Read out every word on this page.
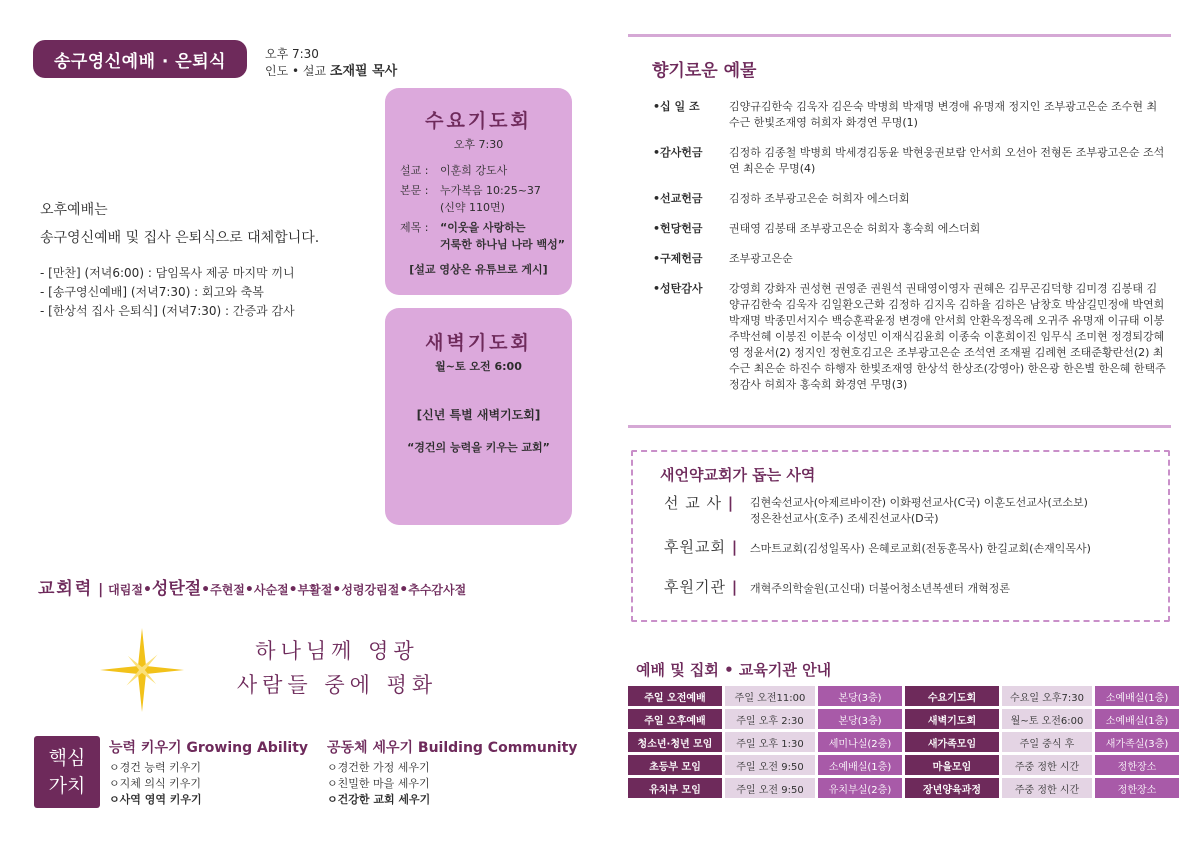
송구영신예배 · 은퇴식	오후 7:30
인도 • 설교 조재필 목사
오후예배는
송구영신예배 및 집사 은퇴식으로 대체합니다.
- [만찬] (저녁6:00) : 담임목사 제공 마지막 끼니
- [송구영신예배] (저녁7:30) : 회고와 축복
- [한상석 집사 은퇴식] (저녁7:30) : 간증과 감사
수요기도회
오후 7:30
설교 :	이훈희 강도사
본문 :	누가복음 10:25~37
(신약 110면)
제목 :	“이웃을 사랑하는
거룩한 하나님 나라 백성”
[설교 영상은 유튜브로 게시]
새벽기도회
월~토 오전 6:00
[신년 특별 새벽기도회]
“경건의 능력을 키우는 교회”
교회력 | 대림절•성탄절•주현절•사순절•부활절•성령강림절•추수감사절
하나님께 영광
사람들 중에 평화
핵심
가치
능력 키우기 Growing Ability
ㅇ경건 능력 키우기
ㅇ지체 의식 키우기
ㅇ사역 영역 키우기
공동체 세우기 Building Community
ㅇ경건한 가정 세우기
ㅇ친밀한 마을 세우기
ㅇ건강한 교회 세우기
향기로운 예물
•십 일 조	김양규김한숙 김욱자 김은숙 박병희 박재명 변경애 유명재 정지인 조부광고은순 조수현 최수근 한빛조재영 허희자 화경연 무명(1)
•감사헌금	김정하 김종철 박병희 박세경김동윤 박현웅권보람 안서희 오선아 전형돈 조부광고은순 조석연 최은순 무명(4)
•선교헌금	김정하 조부광고은순 허희자 에스더회
•헌당헌금	권태영 김봉태 조부광고은순 허희자 홍숙희 에스더회
•구제헌금	조부광고은순
•성탄감사	강영희 강화자 권성현 권영준 권원석 권태영이영자 권혜은 김무곤김덕향 김미경 김봉태 김양규김한숙 김욱자 김일환오근화 김정하 김지옥 김하율 김하은 남창호 박삼길민정애 박연희 박재명 박종민서지수 백승훈곽윤정 변경애 안서희 안환옥정옥례 오귀주 유명재 이규태 이봉주박선혜 이봉진 이분숙 이성민 이재식김윤희 이종숙 이훈희이진 임무식 조미현 정경퇴강혜영 정윤서(2) 정지인 정현호김고은 조부광고은순 조석연 조재필 김례현 조태준황란선(2) 최수근 최은순 하진수 하행자 한빛조재영 한상석 한상조(강영아) 한은광 한은별 한은혜 한택주정감사 허희자 홍숙희 화경연 무명(3)
새언약교회가 돕는 사역
선 교 사 |	김현숙선교사(아제르바이잔) 이화평선교사(C국) 이훈도선교사(코소보)
정은찬선교사(호주) 조세진선교사(D국)
후원교회 |	스마트교회(김성일목사) 은혜로교회(전동훈목사) 한길교회(손재익목사)
후원기관 |	개혁주의학술원(고신대) 더불어청소년복센터 개혁정론
예배 및 집회 • 교육기관 안내
주일 오전예배	주일 오전11:00	본당(3층)	수요기도회	수요일 오후7:30	소예배실(1층)
주일 오후예배	주일 오후 2:30	본당(3층)	새벽기도회	월~토 오전6:00	소예배실(1층)
청소년·청년 모임	주일 오후 1:30	세미나실(2층)	새가족모임	주일 중식 후	새가족실(3층)
초등부 모임	주일 오전 9:50	소예배실(1층)	마을모임	주중 정한 시간	정한장소
유치부 모임	주일 오전 9:50	유치부실(2층)	장년양육과정	주중 정한 시간	정한장소
